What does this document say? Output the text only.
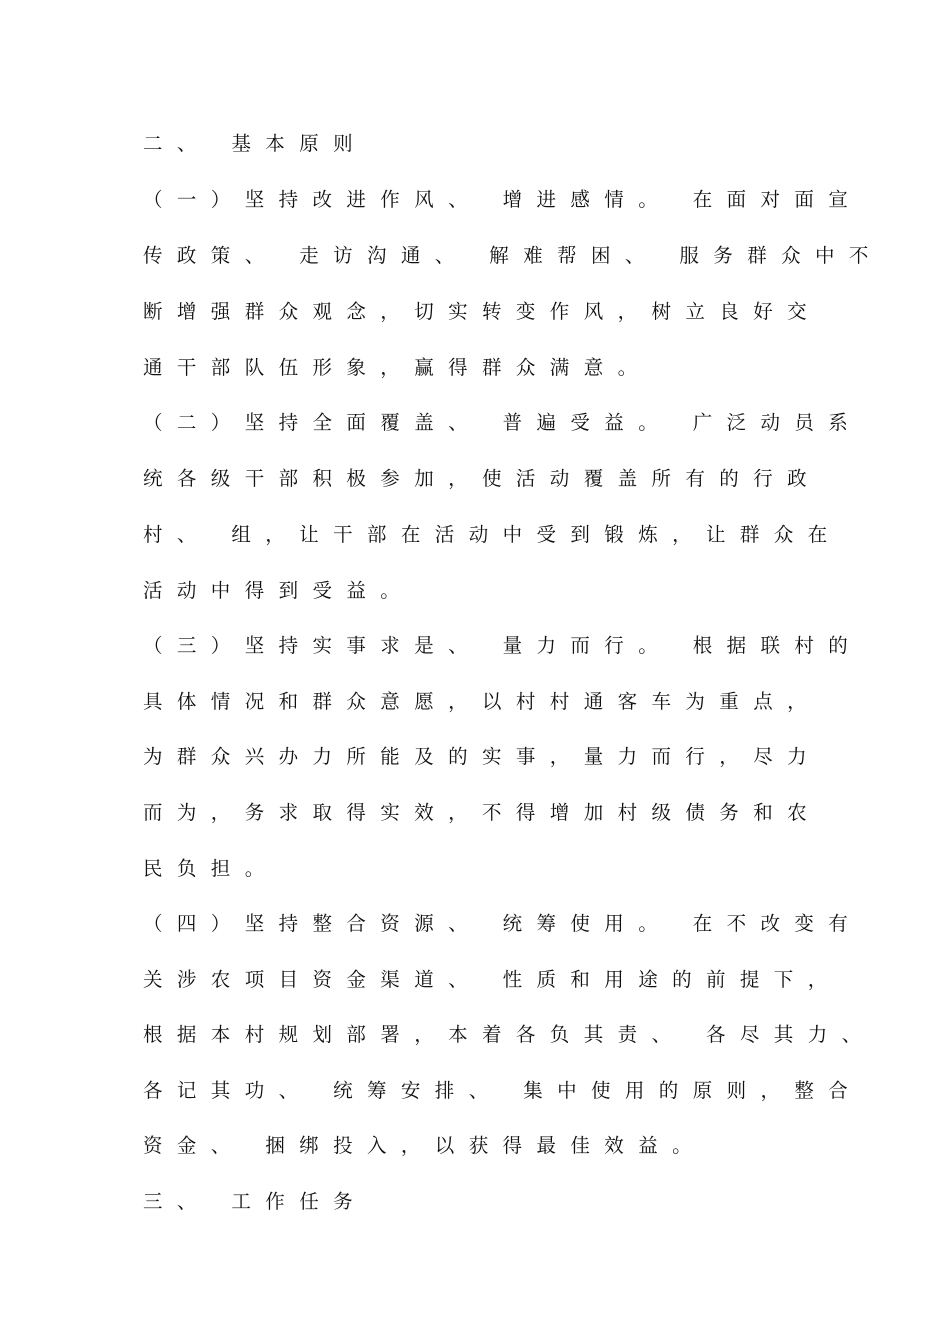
二、 基本原则

（一）坚持改进作风、 增进感情。 在面对面宣

传政策、 走访沟通、 解难帮困、 服务群众中不

断增强群众观念，切实转变作风，树立良好交

通干部队伍形象，赢得群众满意。

（二）坚持全面覆盖、 普遍受益。 广泛动员系

统各级干部积极参加，使活动覆盖所有的行政

村、 组，让干部在活动中受到锻炼，让群众在

活动中得到受益。

（三）坚持实事求是、 量力而行。 根据联村的

具体情况和群众意愿，以村村通客车为重点，

为群众兴办力所能及的实事，量力而行，尽力

而为，务求取得实效，不得增加村级债务和农

民负担。

（四）坚持整合资源、 统筹使用。 在不改变有

关涉农项目资金渠道、 性质和用途的前提下，

根据本村规划部署，本着各负其责、 各尽其力、

各记其功、 统筹安排、 集中使用的原则，整合

资金、 捆绑投入，以获得最佳效益。

三、 工作任务
